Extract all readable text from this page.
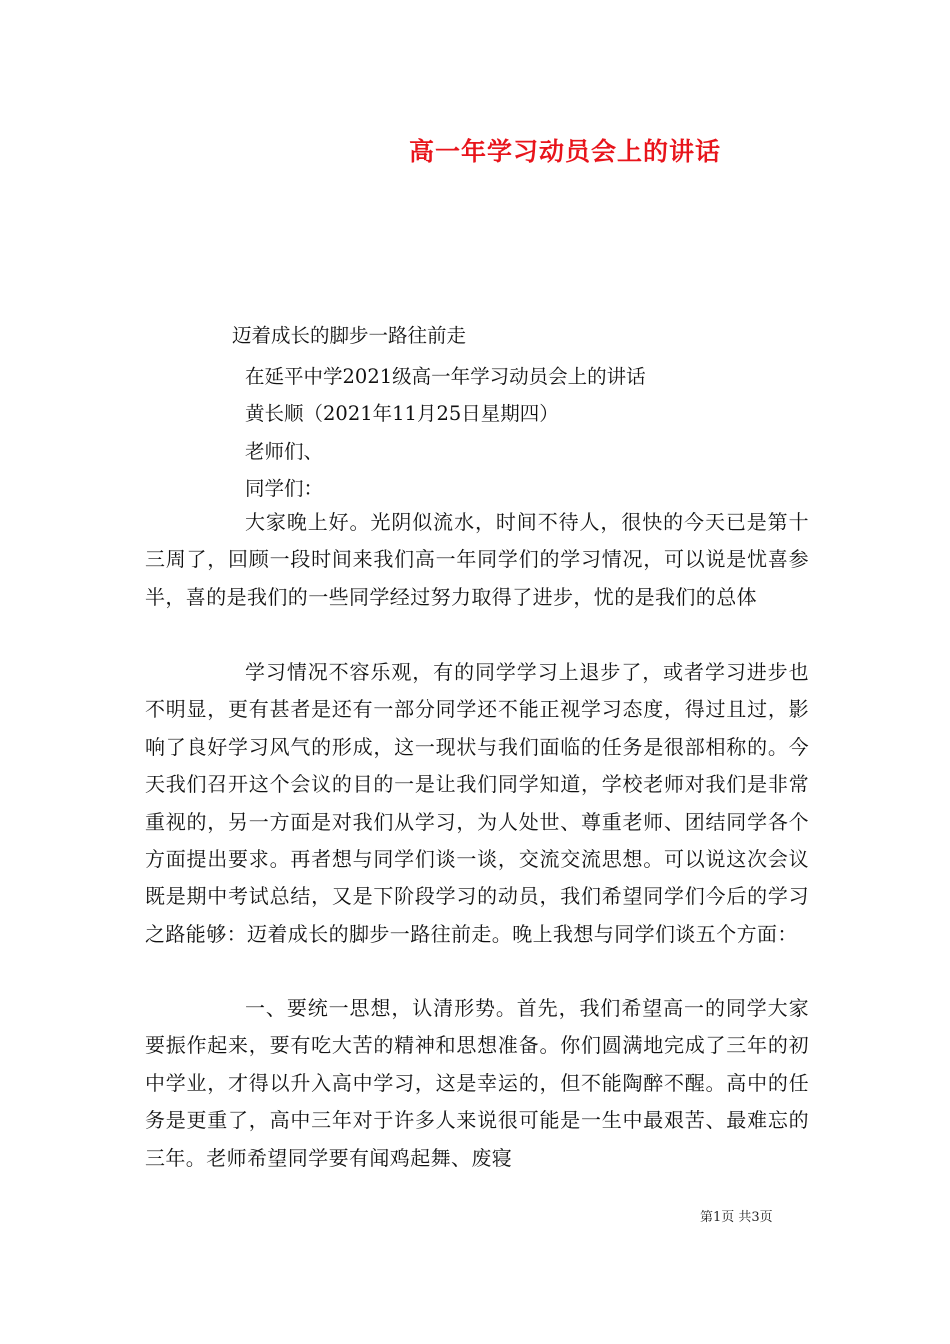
高一年学习动员会上的讲话
迈着成长的脚步一路往前走
在延平中学2021级高一年学习动员会上的讲话
黄长顺（2021年11月25日星期四）
老师们、
同学们：

大家晚上好。光阴似流水，时间不待人，很快的今天已是第十三周了，回顾一段时间来我们高一年同学们的学习情况，可以说是忧喜参半，喜的是我们的一些同学经过努力取得了进步，忧的是我们的总体

学习情况不容乐观，有的同学学习上退步了，或者学习进步也不明显，更有甚者是还有一部分同学还不能正视学习态度，得过且过，影响了良好学习风气的形成，这一现状与我们面临的任务是很部相称的。今天我们召开这个会议的目的一是让我们同学知道，学校老师对我们是非常重视的，另一方面是对我们从学习，为人处世、尊重老师、团结同学各个方面提出要求。再者想与同学们谈一谈，交流交流思想。可以说这次会议既是期中考试总结，又是下阶段学习的动员，我们希望同学们今后的学习之路能够：迈着成长的脚步一路往前走。晚上我想与同学们谈五个方面：

一、要统一思想，认清形势。首先，我们希望高一的同学大家要振作起来，要有吃大苦的精神和思想准备。你们圆满地完成了三年的初中学业，才得以升入高中学习，这是幸运的，但不能陶醉不醒。高中的任务是更重了，高中三年对于许多人来说很可能是一生中最艰苦、最难忘的三年。老师希望同学要有闻鸡起舞、废寝

第1页 共3页
